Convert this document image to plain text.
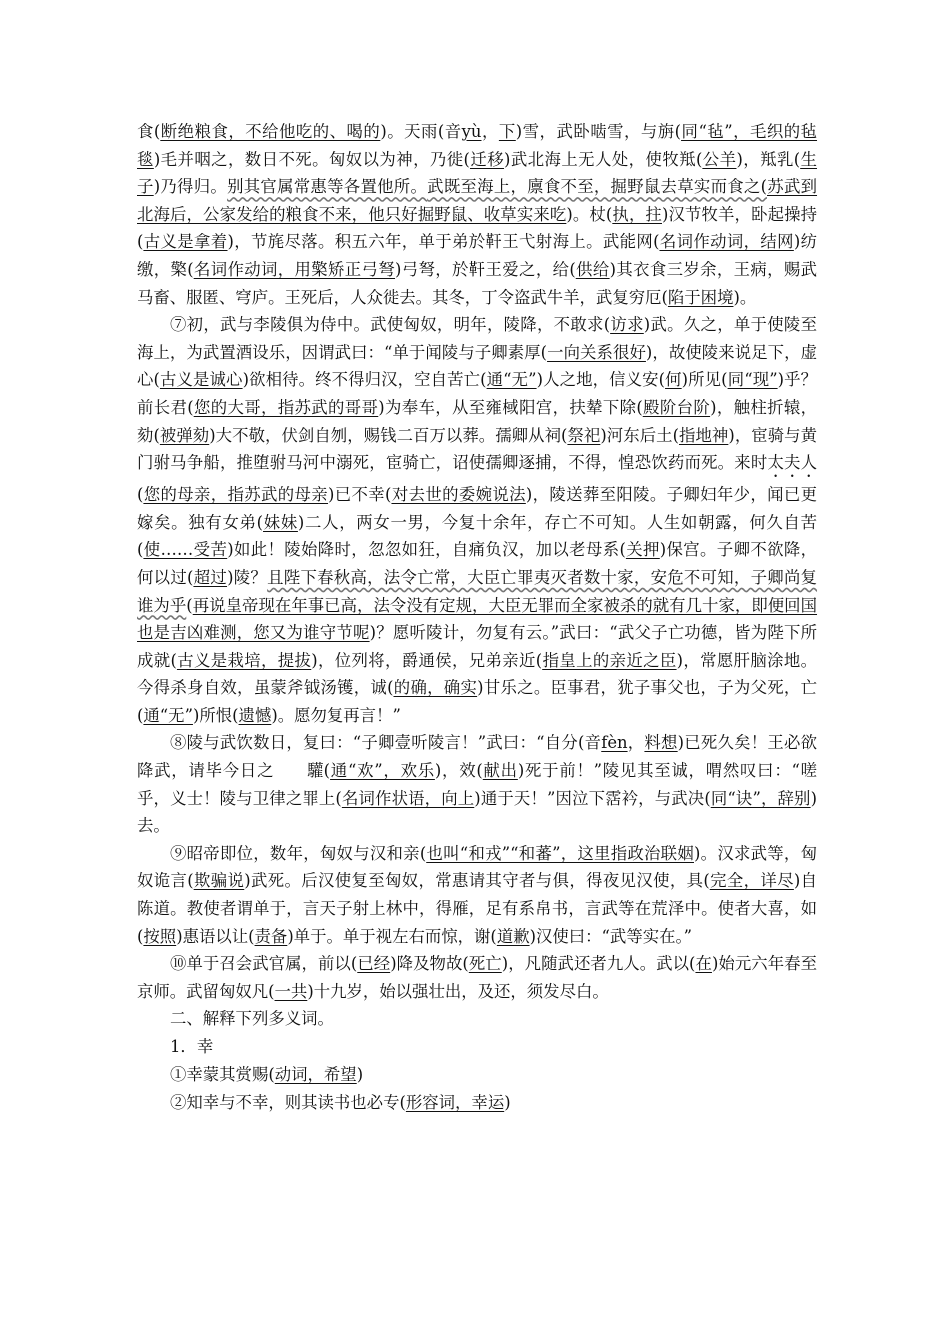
食(断绝粮食，不给他吃的、喝的)。天雨(音yù，下)雪，武卧啮雪，与旃(同“毡”，毛织的毡毯)毛并咽之，数日不死。匈奴以为神，乃徙(迁移)武北海上无人处，使牧羝(公羊)，羝乳(生子)乃得归。别其官属常惠等各置他所。武既至海上，廪食不至，掘野鼠去草实而食之(苏武到北海后，公家发给的粮食不来，他只好掘野鼠、收草实来吃)。杖(执，拄)汉节牧羊，卧起操持(古义是拿着)，节旄尽落。积五六年，单于弟於靬王弋射海上。武能网(名词作动词，结网)纺缴，檠(名词作动词，用檠矫正弓弩)弓弩，於靬王爱之，给(供给)其衣食三岁余，王病，赐武马畜、服匿、穹庐。王死后，人众徙去。其冬，丁令盗武牛羊，武复穷厄(陷于困境)。

⑦初，武与李陵俱为侍中。武使匈奴，明年，陵降，不敢求(访求)武。久之，单于使陵至海上，为武置酒设乐，因谓武曰：“单于闻陵与子卿素厚(一向关系很好)，故使陵来说足下，虚心(古义是诚心)欲相待。终不得归汉，空自苦亡(通“无”)人之地，信义安(何)所见(同“现”)乎？前长君(您的大哥，指苏武的哥哥)为奉车，从至雍棫阳宫，扶辇下除(殿阶台阶)，触柱折辕，劾(被弹劾)大不敬，伏剑自刎，赐钱二百万以葬。孺卿从祠(祭祀)河东后土(指地神)，宦骑与黄门驸马争船，推堕驸马河中溺死，宦骑亡，诏使孺卿逐捕，不得，惶恐饮药而死。来时太夫人(您的母亲，指苏武的母亲)已不幸(对去世的委婉说法)，陵送葬至阳陵。子卿妇年少，闻已更嫁矣。独有女弟(妹妹)二人，两女一男，今复十余年，存亡不可知。人生如朝露，何久自苦(使……受苦)如此！陵始降时，忽忽如狂，自痛负汉，加以老母系(关押)保宫。子卿不欲降，何以过(超过)陵？且陛下春秋高，法令亡常，大臣亡罪夷灭者数十家，安危不可知，子卿尚复谁为乎(再说皇帝现在年事已高，法令没有定规，大臣无罪而全家被杀的就有几十家，即便回国也是吉凶难测，您又为谁守节呢)？愿听陵计，勿复有云。”武曰：“武父子亡功德，皆为陛下所成就(古义是栽培，提拔)，位列将，爵通侯，兄弟亲近(指皇上的亲近之臣)，常愿肝脑涂地。今得杀身自效，虽蒙斧钺汤镬，诚(的确，确实)甘乐之。臣事君，犹子事父也，子为父死，亡(通“无”)所恨(遗憾)。愿勿复再言！”

⑧陵与武饮数日，复曰：“子卿壹听陵言！”武曰：“自分(音fèn，料想)已死久矣！王必欲降武，请毕今日之 驩(通“欢”，欢乐)，效(献出)死于前！”陵见其至诚，喟然叹曰：“嗟乎，义士！陵与卫律之罪上(名词作状语，向上)通于天！”因泣下霑衿，与武决(同“诀”，辞别)去。

⑨昭帝即位，数年，匈奴与汉和亲(也叫“和戎”“和蕃”，这里指政治联姻)。汉求武等，匈奴诡言(欺骗说)武死。后汉使复至匈奴，常惠请其守者与俱，得夜见汉使，具(完全，详尽)自陈道。教使者谓单于，言天子射上林中，得雁，足有系帛书，言武等在荒泽中。使者大喜，如(按照)惠语以让(责备)单于。单于视左右而惊，谢(道歉)汉使曰：“武等实在。”

⑩单于召会武官属，前以(已经)降及物故(死亡)，凡随武还者九人。武以(在)始元六年春至京师。武留匈奴凡(一共)十九岁，始以强壮出，及还，须发尽白。

二、解释下列多义词。

1．幸

①幸蒙其赏赐(动词，希望)

②知幸与不幸，则其读书也必专(形容词，幸运)
